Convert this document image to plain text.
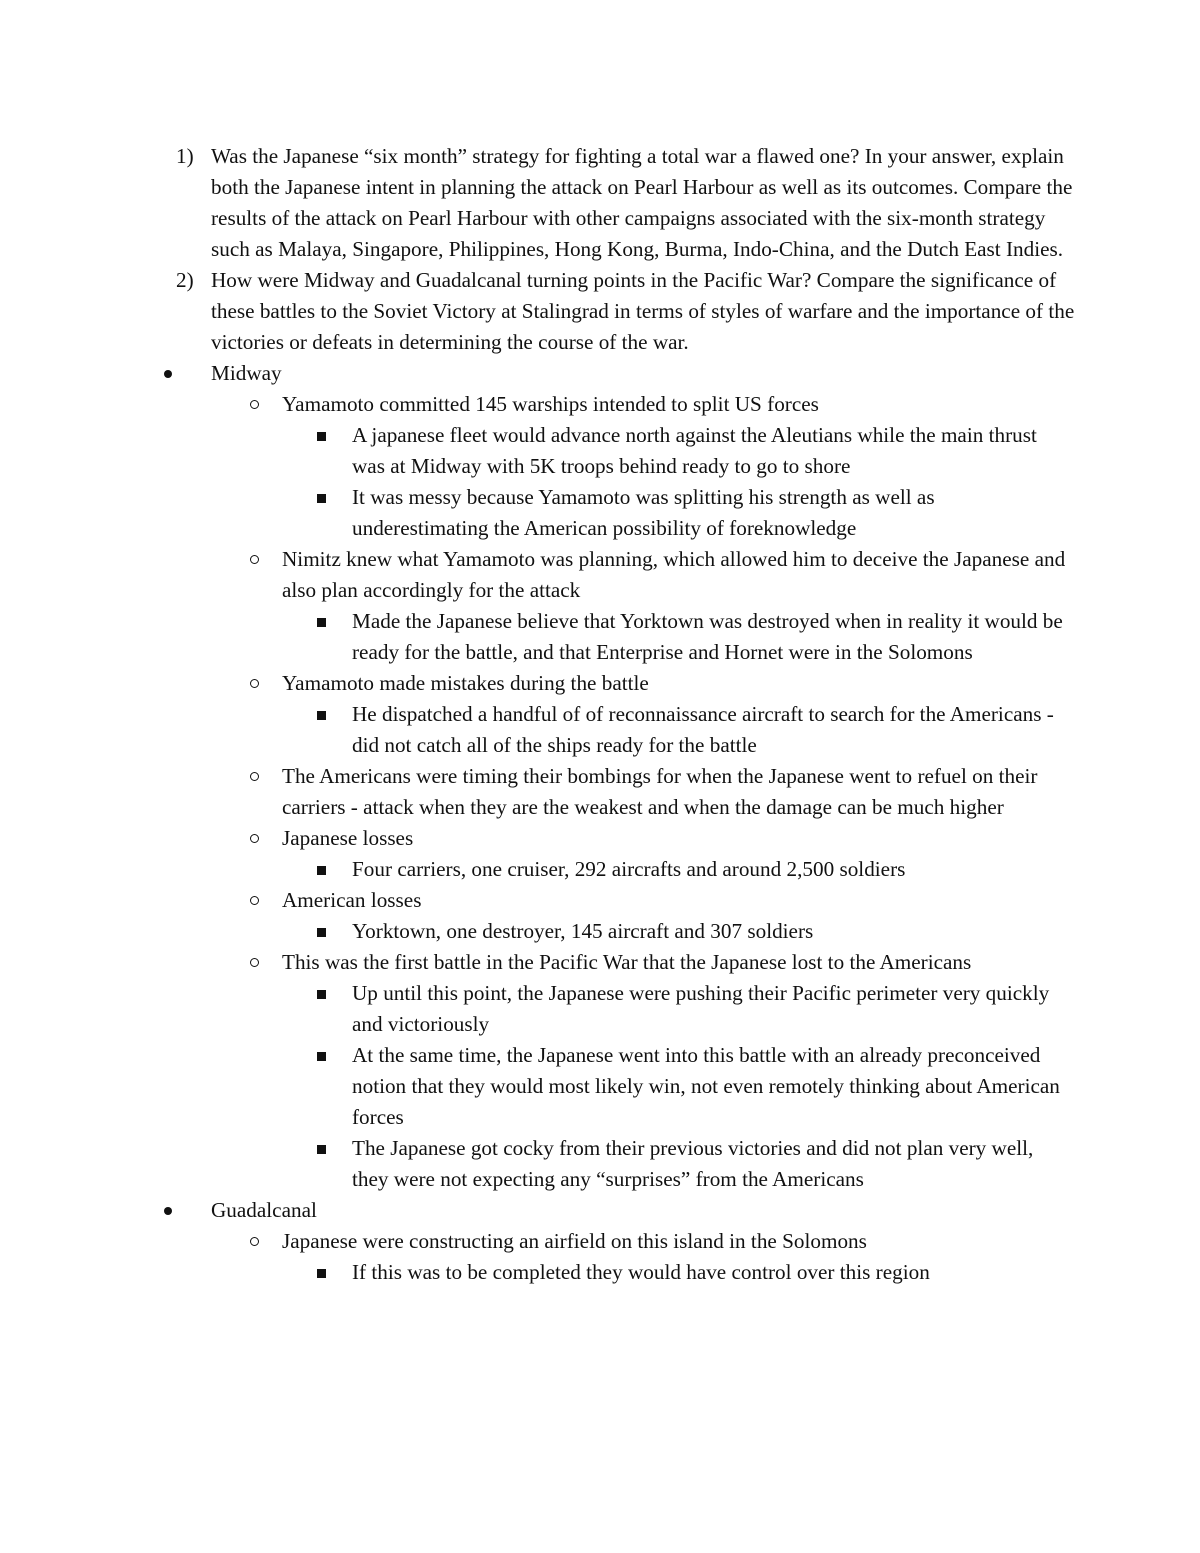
1) Was the Japanese “six month” strategy for fighting a total war a flawed one? In your answer, explain both the Japanese intent in planning the attack on Pearl Harbour as well as its outcomes. Compare the results of the attack on Pearl Harbour with other campaigns associated with the six-month strategy such as Malaya, Singapore, Philippines, Hong Kong, Burma, Indo-China, and the Dutch East Indies.
2) How were Midway and Guadalcanal turning points in the Pacific War? Compare the significance of these battles to the Soviet Victory at Stalingrad in terms of styles of warfare and the importance of the victories or defeats in determining the course of the war.
Midway
Yamamoto committed 145 warships intended to split US forces
A japanese fleet would advance north against the Aleutians while the main thrust was at Midway with 5K troops behind ready to go to shore
It was messy because Yamamoto was splitting his strength as well as underestimating the American possibility of foreknowledge
Nimitz knew what Yamamoto was planning, which allowed him to deceive the Japanese and also plan accordingly for the attack
Made the Japanese believe that Yorktown was destroyed when in reality it would be ready for the battle, and that Enterprise and Hornet were in the Solomons
Yamamoto made mistakes during the battle
He dispatched a handful of of reconnaissance aircraft to search for the Americans - did not catch all of the ships ready for the battle
The Americans were timing their bombings for when the Japanese went to refuel on their carriers - attack when they are the weakest and when the damage can be much higher
Japanese losses
Four carriers, one cruiser, 292 aircrafts and around 2,500 soldiers
American losses
Yorktown, one destroyer, 145 aircraft and 307 soldiers
This was the first battle in the Pacific War that the Japanese lost to the Americans
Up until this point, the Japanese were pushing their Pacific perimeter very quickly and victoriously
At the same time, the Japanese went into this battle with an already preconceived notion that they would most likely win, not even remotely thinking about American forces
The Japanese got cocky from their previous victories and did not plan very well, they were not expecting any “surprises” from the Americans
Guadalcanal
Japanese were constructing an airfield on this island in the Solomons
If this was to be completed they would have control over this region
